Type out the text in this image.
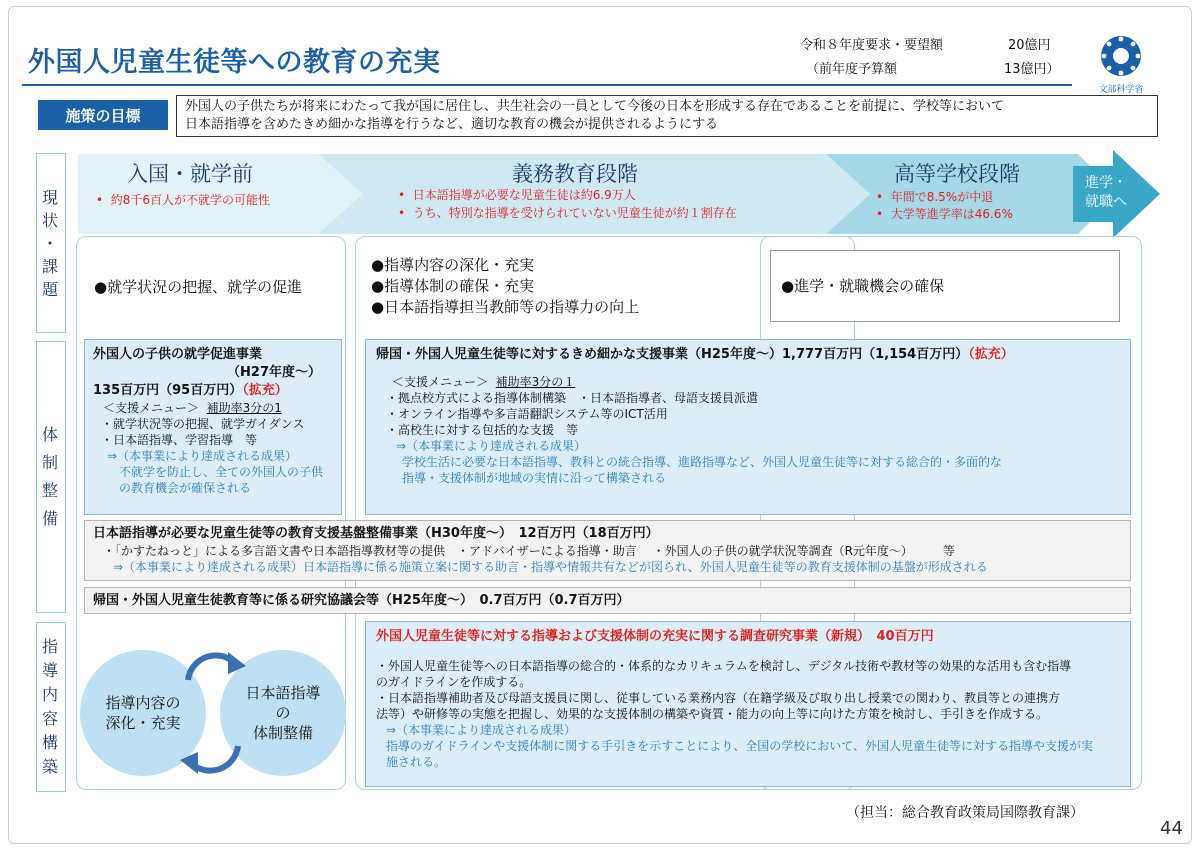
外国人児童生徒等への教育の充実
令和８年度要求・要望額	20億円
（前年度予算額	13億円）
文部科学省
施策の目標	外国人の子供たちが将来にわたって我が国に居住し、共生社会の一員として今後の日本を形成する存在であることを前提に、学校等において
日本語指導を含めたきめ細かな指導を行うなど、適切な教育の機会が提供されるようにする
現
状
・
課
題
体
制
整
備
指
導
内
容
構
築
入国・就学前
•  約8千6百人が不就学の可能性
義務教育段階
•  日本語指導が必要な児童生徒は約6.9万人
•  うち、特別な指導を受けられていない児童生徒が約１割存在
高等学校段階
•  年間で8.5%が中退
•  大学等進学率は46.6%
進学・
就職へ
●就学状況の把握、就学の促進
●指導内容の深化・充実
●指導体制の確保・充実
●日本語指導担当教師等の指導力の向上
●進学・就職機会の確保
外国人の子供の就学促進事業
（H27年度～）
135百万円（95百万円）（拡充）
＜支援メニュー＞ 補助率3分の1
・就学状況等の把握、就学ガイダンス
・日本語指導、学習指導　等
⇒（本事業により達成される成果）
不就学を防止し、全ての外国人の子供
の教育機会が確保される
帰国・外国人児童生徒等に対するきめ細かな支援事業（H25年度～）1,777百万円（1,154百万円）（拡充）
＜支援メニュー＞ 補助率3分の１
・拠点校方式による指導体制構築　・日本語指導者、母語支援員派遣
・オンライン指導や多言語翻訳システム等のICT活用
・高校生に対する包括的な支援　等
⇒（本事業により達成される成果）
学校生活に必要な日本語指導、教科との統合指導、進路指導など、外国人児童生徒等に対する総合的・多面的な
指導・支援体制が地域の実情に沿って構築される
日本語指導が必要な児童生徒等の教育支援基盤整備事業（H30年度～）　12百万円（18百万円）
・「かすたねっと」による多言語文書や日本語指導教材等の提供　・アドバイザーによる指導・助言　 ・外国人の子供の就学状況等調査（R元年度～）　　　等
⇒（本事業により達成される成果）日本語指導に係る施策立案に関する助言・指導や情報共有などが図られ、外国人児童生徒等の教育支援体制の基盤が形成される
帰国・外国人児童生徒教育等に係る研究協議会等（H25年度～）　0.7百万円（0.7百万円）
外国人児童生徒等に対する指導および支援体制の充実に関する調査研究事業（新規）　40百万円
・外国人児童生徒等への日本語指導の総合的・体系的なカリキュラムを検討し、デジタル技術や教材等の効果的な活用も含む指導
のガイドラインを作成する。
・日本語指導補助者及び母語支援員に関し、従事している業務内容（在籍学級及び取り出し授業での関わり、教員等との連携方
法等）や研修等の実態を把握し、効果的な支援体制の構築や資質・能力の向上等に向けた方策を検討し、手引きを作成する。
⇒（本事業により達成される成果）
指導のガイドラインや支援体制に関する手引きを示すことにより、全国の学校において、外国人児童生徒等に対する指導や支援が実
施される。
指導内容の
深化・充実
日本語指導
の
体制整備
（担当：総合教育政策局国際教育課）
44
